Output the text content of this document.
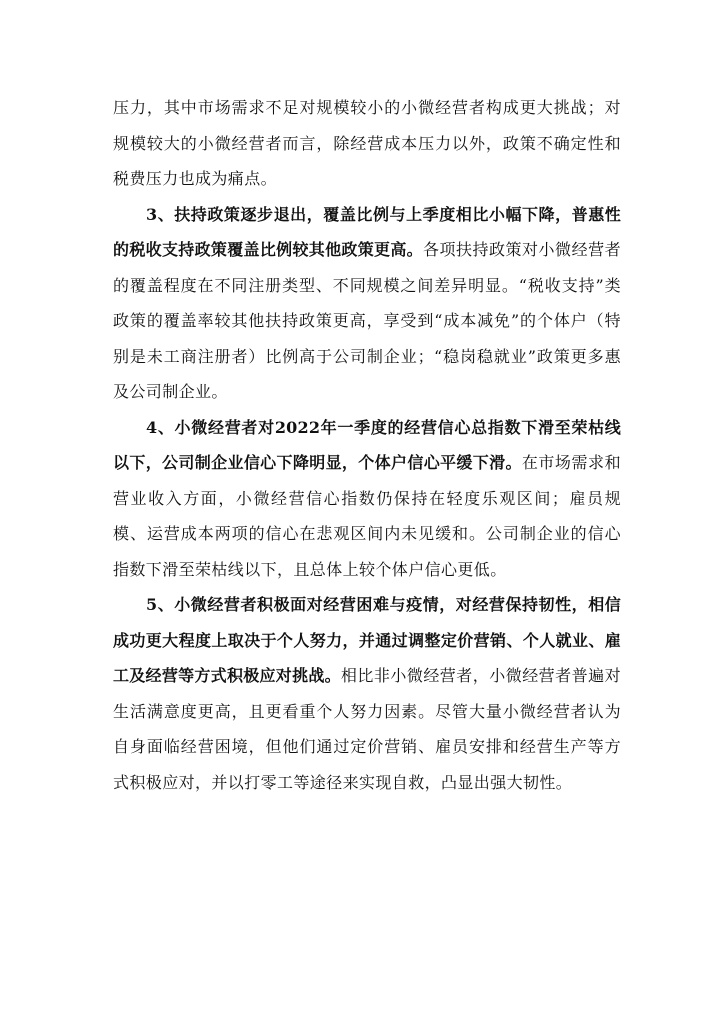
压力，其中市场需求不足对规模较小的小微经营者构成更大挑战；对规模较大的小微经营者而言，除经营成本压力以外，政策不确定性和税费压力也成为痛点。

3、扶持政策逐步退出，覆盖比例与上季度相比小幅下降，普惠性的税收支持政策覆盖比例较其他政策更高。各项扶持政策对小微经营者的覆盖程度在不同注册类型、不同规模之间差异明显。“税收支持”类政策的覆盖率较其他扶持政策更高，享受到“成本减免”的个体户（特别是未工商注册者）比例高于公司制企业；“稳岗稳就业”政策更多惠及公司制企业。

4、小微经营者对2022年一季度的经营信心总指数下滑至荣枯线以下，公司制企业信心下降明显，个体户信心平缓下滑。在市场需求和营业收入方面，小微经营信心指数仍保持在轻度乐观区间；雇员规模、运营成本两项的信心在悲观区间内未见缓和。公司制企业的信心指数下滑至荣枯线以下，且总体上较个体户信心更低。

5、小微经营者积极面对经营困难与疫情，对经营保持韧性，相信成功更大程度上取决于个人努力，并通过调整定价营销、个人就业、雇工及经营等方式积极应对挑战。相比非小微经营者，小微经营者普遍对生活满意度更高，且更看重个人努力因素。尽管大量小微经营者认为自身面临经营困境，但他们通过定价营销、雇员安排和经营生产等方式积极应对，并以打零工等途径来实现自救，凸显出强大韧性。
